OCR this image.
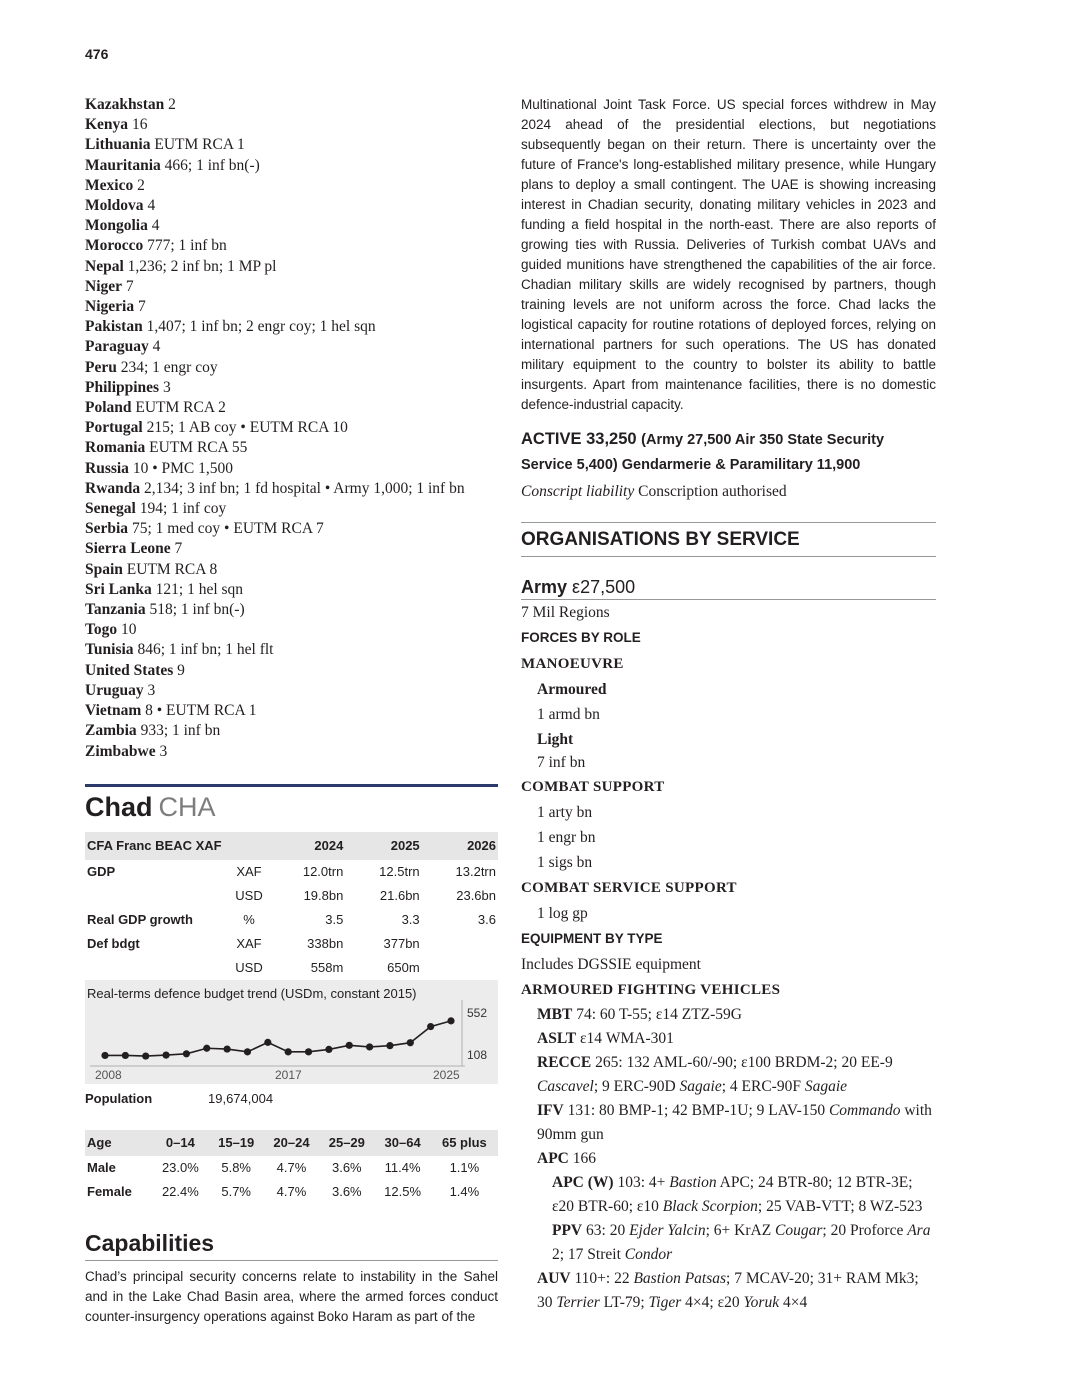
476
Kazakhstan 2
Kenya 16
Lithuania EUTM RCA 1
Mauritania 466; 1 inf bn(-)
Mexico 2
Moldova 4
Mongolia 4
Morocco 777; 1 inf bn
Nepal 1,236; 2 inf bn; 1 MP pl
Niger 7
Nigeria 7
Pakistan 1,407; 1 inf bn; 2 engr coy; 1 hel sqn
Paraguay 4
Peru 234; 1 engr coy
Philippines 3
Poland EUTM RCA 2
Portugal 215; 1 AB coy • EUTM RCA 10
Romania EUTM RCA 55
Russia 10 • PMC 1,500
Rwanda 2,134; 3 inf bn; 1 fd hospital • Army 1,000; 1 inf bn
Senegal 194; 1 inf coy
Serbia 75; 1 med coy • EUTM RCA 7
Sierra Leone 7
Spain EUTM RCA 8
Sri Lanka 121; 1 hel sqn
Tanzania 518; 1 inf bn(-)
Togo 10
Tunisia 846; 1 inf bn; 1 hel flt
United States 9
Uruguay 3
Vietnam 8 • EUTM RCA 1
Zambia 933; 1 inf bn
Zimbabwe 3
Chad CHA
CFA Franc BEAC XAF		2024	2025	2026
GDP	XAF	12.0trn	12.5trn	13.2trn
	USD	19.8bn	21.6bn	23.6bn
Real GDP growth	%	3.5	3.3	3.6
Def bdgt	XAF	338bn	377bn	
	USD	558m	650m	
Real-terms defence budget trend (USDm, constant 2015)
552
108
2008	2017	2025
Population	19,674,004
Age	0–14	15–19	20–24	25–29	30–64	65 plus
Male	23.0%	5.8%	4.7%	3.6%	11.4%	1.1%
Female	22.4%	5.7%	4.7%	3.6%	12.5%	1.4%
Capabilities
Chad’s principal security concerns relate to instability in the Sahel and in the Lake Chad Basin area, where the armed forces conduct counter-insurgency operations against Boko Haram as part of the
Multinational Joint Task Force. US special forces withdrew in May 2024 ahead of the presidential elections, but negotiations subsequently began on their return. There is uncertainty over the future of France's long-established military presence, while Hungary plans to deploy a small contingent. The UAE is showing increasing interest in Chadian security, donating military vehicles in 2023 and funding a field hospital in the north-east. There are also reports of growing ties with Russia. Deliveries of Turkish combat UAVs and guided munitions have strengthened the capabilities of the air force. Chadian military skills are widely recognised by partners, though training levels are not uniform across the force. Chad lacks the logistical capacity for routine rotations of deployed forces, relying on international partners for such operations. The US has donated military equipment to the country to bolster its ability to battle insurgents. Apart from maintenance facilities, there is no domestic defence-industrial capacity.
ACTIVE 33,250 (Army 27,500 Air 350 State Security Service 5,400) Gendarmerie & Paramilitary 11,900
Conscript liability Conscription authorised
ORGANISATIONS BY SERVICE
Army ε27,500
7 Mil Regions
FORCES BY ROLE
MANOEUVRE
Armoured
1 armd bn
Light
7 inf bn
COMBAT SUPPORT
1 arty bn
1 engr bn
1 sigs bn
COMBAT SERVICE SUPPORT
1 log gp
EQUIPMENT BY TYPE
Includes DGSSIE equipment
ARMOURED FIGHTING VEHICLES
MBT 74: 60 T-55; ε14 ZTZ-59G
ASLT ε14 WMA-301
RECCE 265: 132 AML-60/-90; ε100 BRDM-2; 20 EE-9 Cascavel; 9 ERC-90D Sagaie; 4 ERC-90F Sagaie
IFV 131: 80 BMP-1; 42 BMP-1U; 9 LAV-150 Commando with 90mm gun
APC 166
APC (W) 103: 4+ Bastion APC; 24 BTR-80; 12 BTR-3E; ε20 BTR-60; ε10 Black Scorpion; 25 VAB-VTT; 8 WZ-523
PPV 63: 20 Ejder Yalcin; 6+ KrAZ Cougar; 20 Proforce Ara 2; 17 Streit Condor
AUV 110+: 22 Bastion Patsas; 7 MCAV-20; 31+ RAM Mk3; 30 Terrier LT-79; Tiger 4×4; ε20 Yoruk 4×4
